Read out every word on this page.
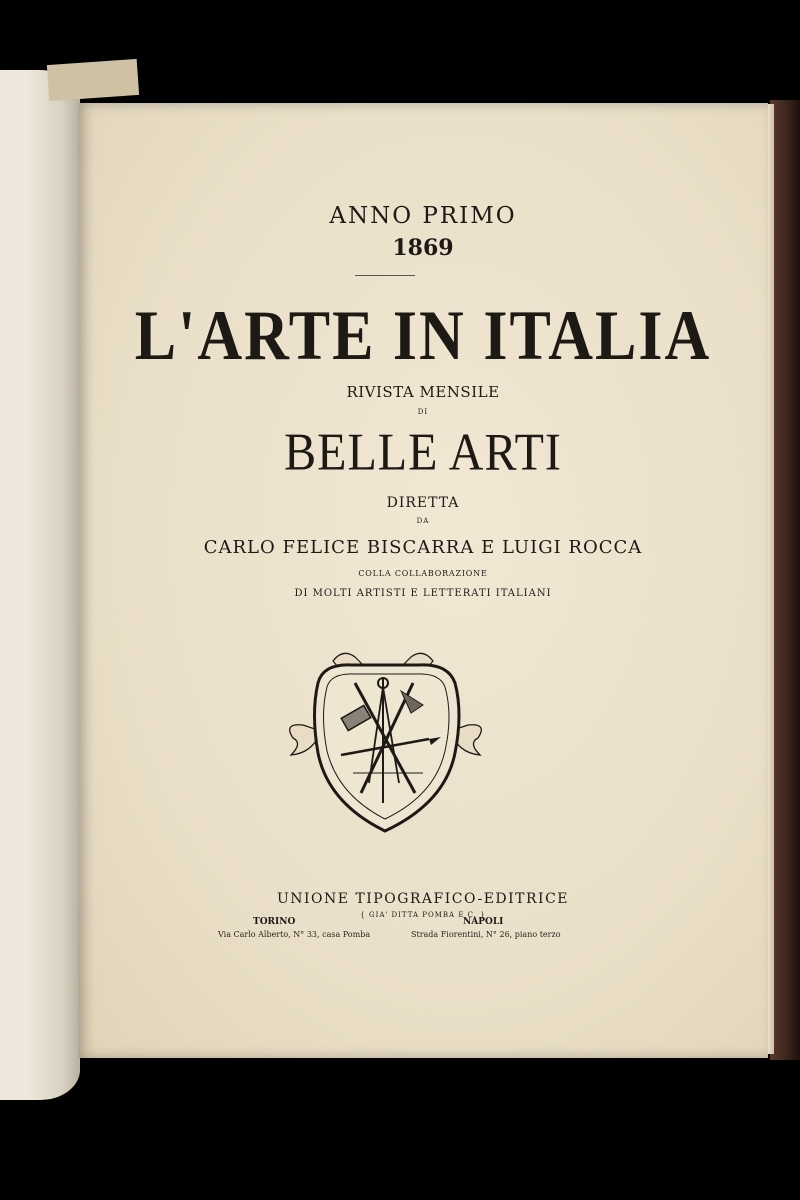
ANNO PRIMO
1869
L'ARTE IN ITALIA
RIVISTA MENSILE
DI
BELLE ARTI
DIRETTA
DA
CARLO FELICE BISCARRA E LUIGI ROCCA
COLLA COLLABORAZIONE
DI MOLTI ARTISTI E LETTERATI ITALIANI
UNIONE TIPOGRAFICO-EDITRICE
{ GIA' DITTA POMBA E C. }
TORINO	NAPOLI
Via Carlo Alberto, N° 33, casa Pomba	Strada Fiorentini, N° 26, piano terzo
